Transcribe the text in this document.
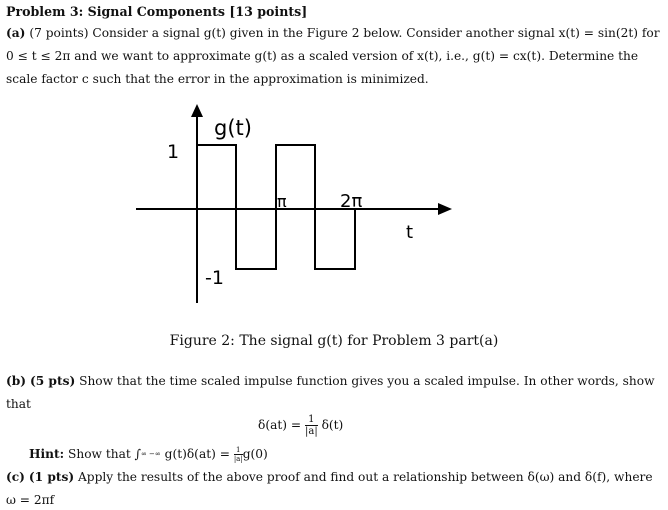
Problem 3: Signal Components [13 points]
(a) (7 points) Consider a signal g(t) given in the Figure 2 below. Consider another signal x(t) = sin(2t) for
0 ≤ t ≤ 2π and we want to approximate g(t) as a scaled version of x(t), i.e., g(t) = cx(t). Determine the
scale factor c such that the error in the approximation is minimized.
g(t)
1
-1
π	2π
t
Figure 2: The signal g(t) for Problem 3 part(a)
(b) (5 pts) Show that the time scaled impulse function gives you a scaled impulse. In other words, show
that
$\delta(at) = \frac{1}{|a|} \delta(t)$
Hint: Show that ∫∞ −∞ $g(t)\delta(at) = \frac{1}{|a|} g(0)$
(c) (1 pts) Apply the results of the above proof and find out a relationship between δ(ω) and δ(f), where
ω = 2πf
